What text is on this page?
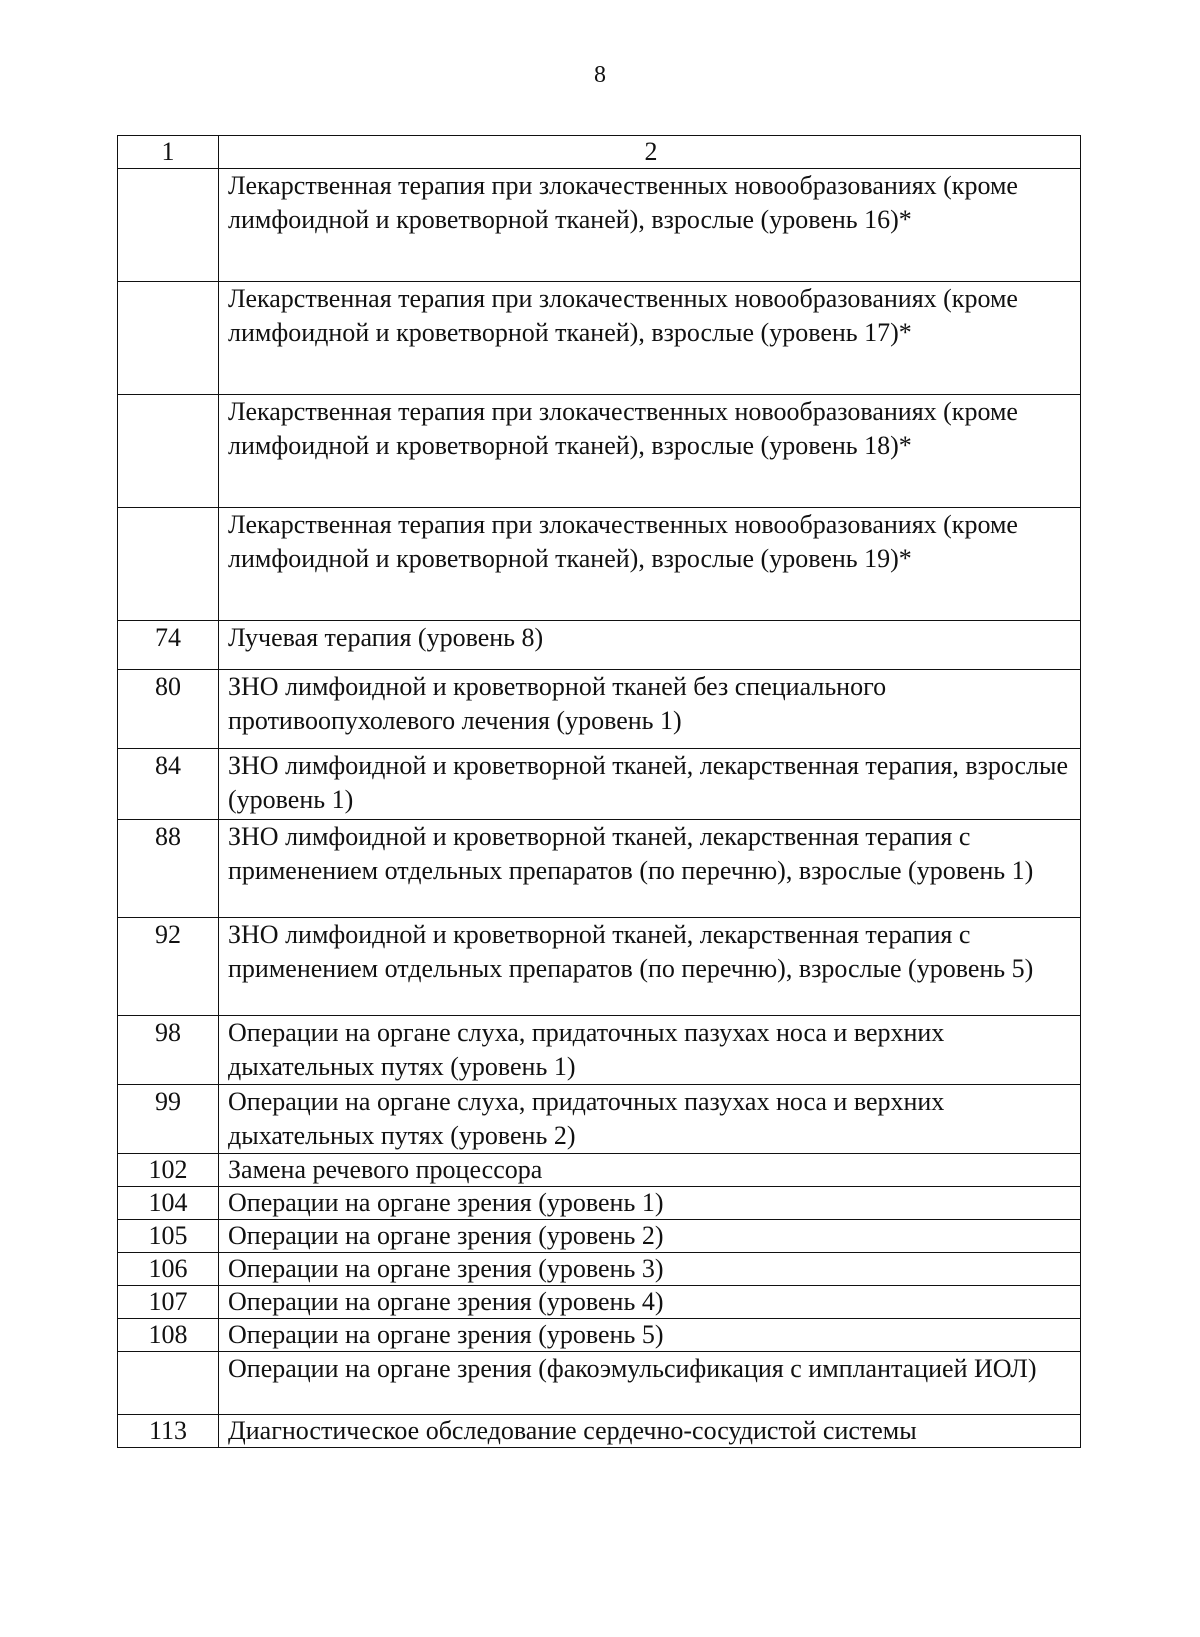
8
1	2
	Лекарственная терапия при злокачественных новообразованиях (кроме лимфоидной и кроветворной тканей), взрослые (уровень 16)*
	Лекарственная терапия при злокачественных новообразованиях (кроме лимфоидной и кроветворной тканей), взрослые (уровень 17)*
	Лекарственная терапия при злокачественных новообразованиях (кроме лимфоидной и кроветворной тканей), взрослые (уровень 18)*
	Лекарственная терапия при злокачественных новообразованиях (кроме лимфоидной и кроветворной тканей), взрослые (уровень 19)*
74	Лучевая терапия (уровень 8)
80	ЗНО лимфоидной и кроветворной тканей без специального противоопухолевого лечения (уровень 1)
84	ЗНО лимфоидной и кроветворной тканей, лекарственная терапия, взрослые (уровень 1)
88	ЗНО лимфоидной и кроветворной тканей, лекарственная терапия с применением отдельных препаратов (по перечню), взрослые (уровень 1)
92	ЗНО лимфоидной и кроветворной тканей, лекарственная терапия с применением отдельных препаратов (по перечню), взрослые (уровень 5)
98	Операции на органе слуха, придаточных пазухах носа и верхних дыхательных путях (уровень 1)
99	Операции на органе слуха, придаточных пазухах носа и верхних дыхательных путях (уровень 2)
102	Замена речевого процессора
104	Операции на органе зрения (уровень 1)
105	Операции на органе зрения (уровень 2)
106	Операции на органе зрения (уровень 3)
107	Операции на органе зрения (уровень 4)
108	Операции на органе зрения (уровень 5)
	Операции на органе зрения (факоэмульсификация с имплантацией ИОЛ)
113	Диагностическое обследование сердечно-сосудистой системы
